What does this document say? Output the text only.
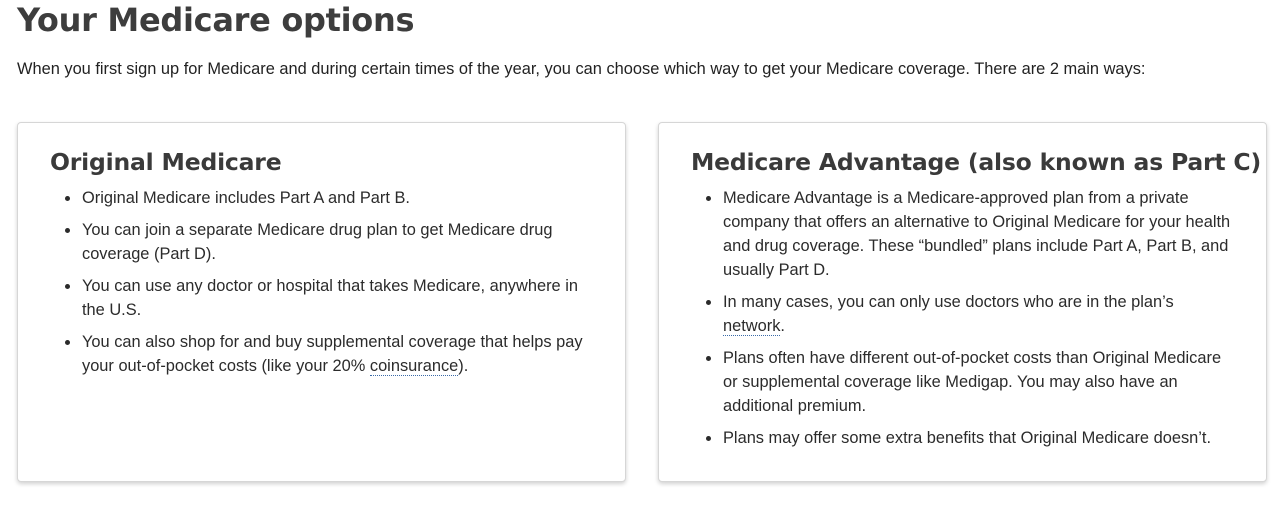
Your Medicare options

When you first sign up for Medicare and during certain times of the year, you can choose which way to get your Medicare coverage. There are 2 main ways:

Original Medicare
Original Medicare includes Part A and Part B.
You can join a separate Medicare drug plan to get Medicare drug coverage (Part D).
You can use any doctor or hospital that takes Medicare, anywhere in the U.S.
You can also shop for and buy supplemental coverage that helps pay your out-of-pocket costs (like your 20% coinsurance).
Medicare Advantage (also known as Part C)
Medicare Advantage is a Medicare-approved plan from a private company that offers an alternative to Original Medicare for your health and drug coverage. These “bundled” plans include Part A, Part B, and usually Part D.
In many cases, you can only use doctors who are in the plan’s network.
Plans often have different out-of-pocket costs than Original Medicare or supplemental coverage like Medigap. You may also have an additional premium.
Plans may offer some extra benefits that Original Medicare doesn’t.
